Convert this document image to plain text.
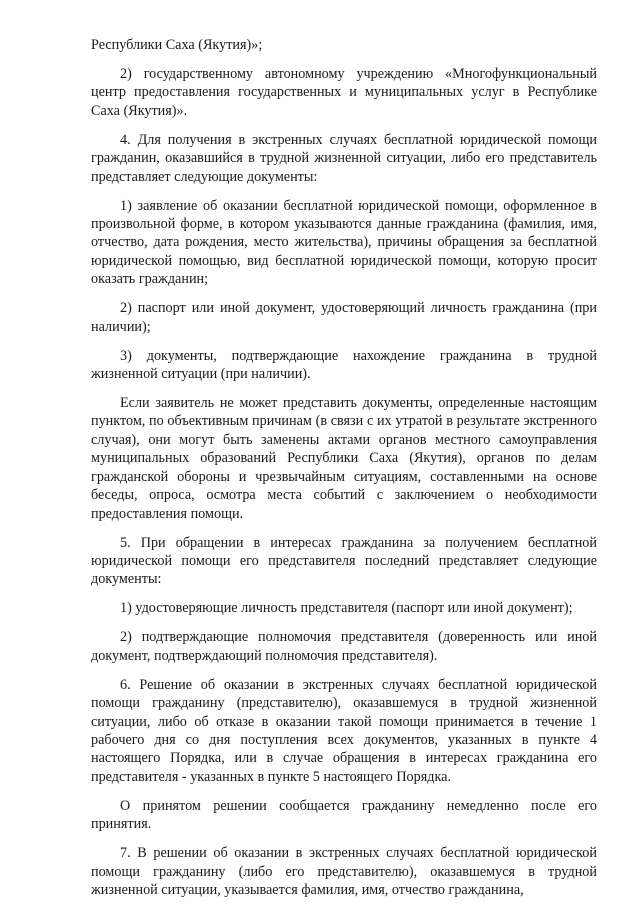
Республики Саха (Якутия)»;

2) государственному автономному учреждению «Многофункциональный центр предоставления государственных и муниципальных услуг в Республике Саха (Якутия)».

4. Для получения в экстренных случаях бесплатной юридической помощи гражданин, оказавшийся в трудной жизненной ситуации, либо его представитель представляет следующие документы:

1) заявление об оказании бесплатной юридической помощи, оформленное в произвольной форме, в котором указываются данные гражданина (фамилия, имя, отчество, дата рождения, место жительства), причины обращения за бесплатной юридической помощью, вид бесплатной юридической помощи, которую просит оказать гражданин;

2) паспорт или иной документ, удостоверяющий личность гражданина (при наличии);

3) документы, подтверждающие нахождение гражданина в трудной жизненной ситуации (при наличии).

Если заявитель не может представить документы, определенные настоящим пунктом, по объективным причинам (в связи с их утратой в результате экстренного случая), они могут быть заменены актами органов местного самоуправления муниципальных образований Республики Саха (Якутия), органов по делам гражданской обороны и чрезвычайным ситуациям, составленными на основе беседы, опроса, осмотра места событий с заключением о необходимости предоставления помощи.

5. При обращении в интересах гражданина за получением бесплатной юридической помощи его представителя последний представляет следующие документы:

1) удостоверяющие личность представителя (паспорт или иной документ);

2) подтверждающие полномочия представителя (доверенность или иной документ, подтверждающий полномочия представителя).

6. Решение об оказании в экстренных случаях бесплатной юридической помощи гражданину (представителю), оказавшемуся в трудной жизненной ситуации, либо об отказе в оказании такой помощи принимается в течение 1 рабочего дня со дня поступления всех документов, указанных в пункте 4 настоящего Порядка, или в случае обращения в интересах гражданина его представителя - указанных в пункте 5 настоящего Порядка.

О принятом решении сообщается гражданину немедленно после его принятия.

7. В решении об оказании в экстренных случаях бесплатной юридической помощи гражданину (либо его представителю), оказавшемуся в трудной жизненной ситуации, указывается фамилия, имя, отчество гражданина,
